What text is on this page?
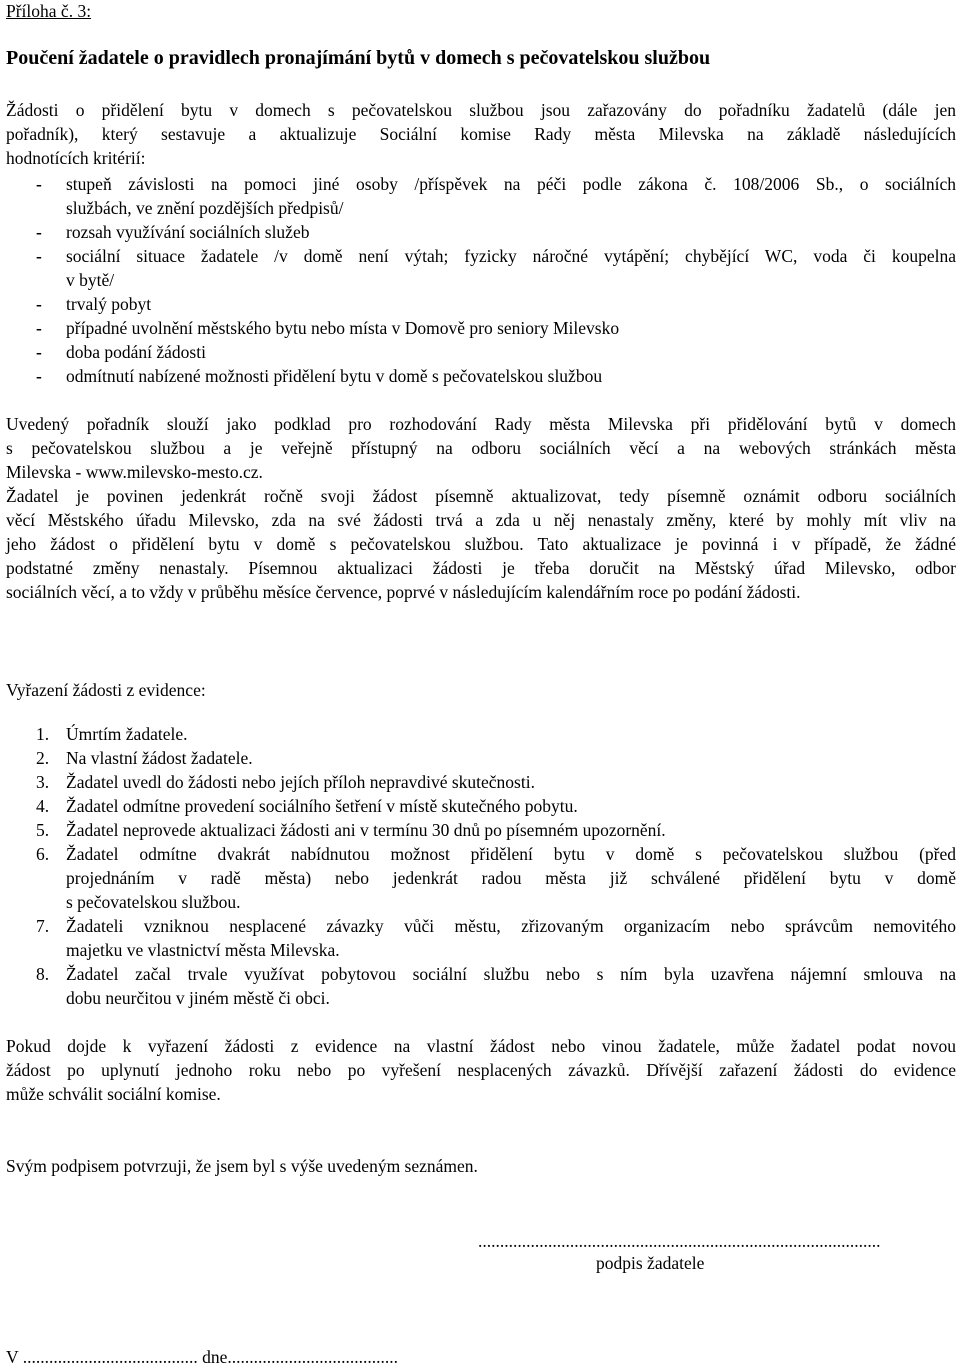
Příloha č. 3:
Poučení žadatele o pravidlech pronajímání bytů v domech s pečovatelskou službou
Žádosti o přidělení bytu v domech s pečovatelskou službou jsou zařazovány do pořadníku žadatelů (dále jen
pořadník), který sestavuje a aktualizuje Sociální komise Rady města Milevska na základě následujících
hodnotících kritérií:
- stupeň závislosti na pomoci jiné osoby /příspěvek na péči podle zákona č. 108/2006 Sb., o sociálních
službách, ve znění pozdějších předpisů/
- rozsah využívání sociálních služeb
- sociální situace žadatele /v domě není výtah; fyzicky náročné vytápění; chybějící WC, voda či koupelna
v bytě/
- trvalý pobyt
- případné uvolnění městského bytu nebo místa v Domově pro seniory Milevsko
- doba podání žádosti
- odmítnutí nabízené možnosti přidělení bytu v domě s pečovatelskou službou
Uvedený pořadník slouží jako podklad pro rozhodování Rady města Milevska při přidělování bytů v domech
s pečovatelskou službou a je veřejně přístupný na odboru sociálních věcí a na webových stránkách města
Milevska - www.milevsko-mesto.cz.
Žadatel je povinen jedenkrát ročně svoji žádost písemně aktualizovat, tedy písemně oznámit odboru sociálních
věcí Městského úřadu Milevsko, zda na své žádosti trvá a zda u něj nenastaly změny, které by mohly mít vliv na
jeho žádost o přidělení bytu v domě s pečovatelskou službou. Tato aktualizace je povinná i v případě, že žádné
podstatné změny nenastaly. Písemnou aktualizaci žádosti je třeba doručit na Městský úřad Milevsko, odbor
sociálních věcí, a to vždy v průběhu měsíce července, poprvé v následujícím kalendářním roce po podání žádosti.
Vyřazení žádosti z evidence:
1. Úmrtím žadatele.
2. Na vlastní žádost žadatele.
3. Žadatel uvedl do žádosti nebo jejích příloh nepravdivé skutečnosti.
4. Žadatel odmítne provedení sociálního šetření v místě skutečného pobytu.
5. Žadatel neprovede aktualizaci žádosti ani v termínu 30 dnů po písemném upozornění.
6. Žadatel odmítne dvakrát nabídnutou možnost přidělení bytu v domě s pečovatelskou službou (před
projednáním v radě města) nebo jedenkrát radou města již schválené přidělení bytu v domě
s pečovatelskou službou.
7. Žadateli vzniknou nesplacené závazky vůči městu, zřizovaným organizacím nebo správcům nemovitého
majetku ve vlastnictví města Milevska.
8. Žadatel začal trvale využívat pobytovou sociální službu nebo s ním byla uzavřena nájemní smlouva na
dobu neurčitou v jiném městě či obci.
Pokud dojde k vyřazení žádosti z evidence na vlastní žádost nebo vinou žadatele, může žadatel podat novou
žádost po uplynutí jednoho roku nebo po vyřešení nesplacených závazků. Dřívější zařazení žádosti do evidence
může schválit sociální komise.
Svým podpisem potvrzuji, že jsem byl s výše uvedeným seznámen.
............................................................................................
podpis žadatele
V ........................................ dne.......................................
